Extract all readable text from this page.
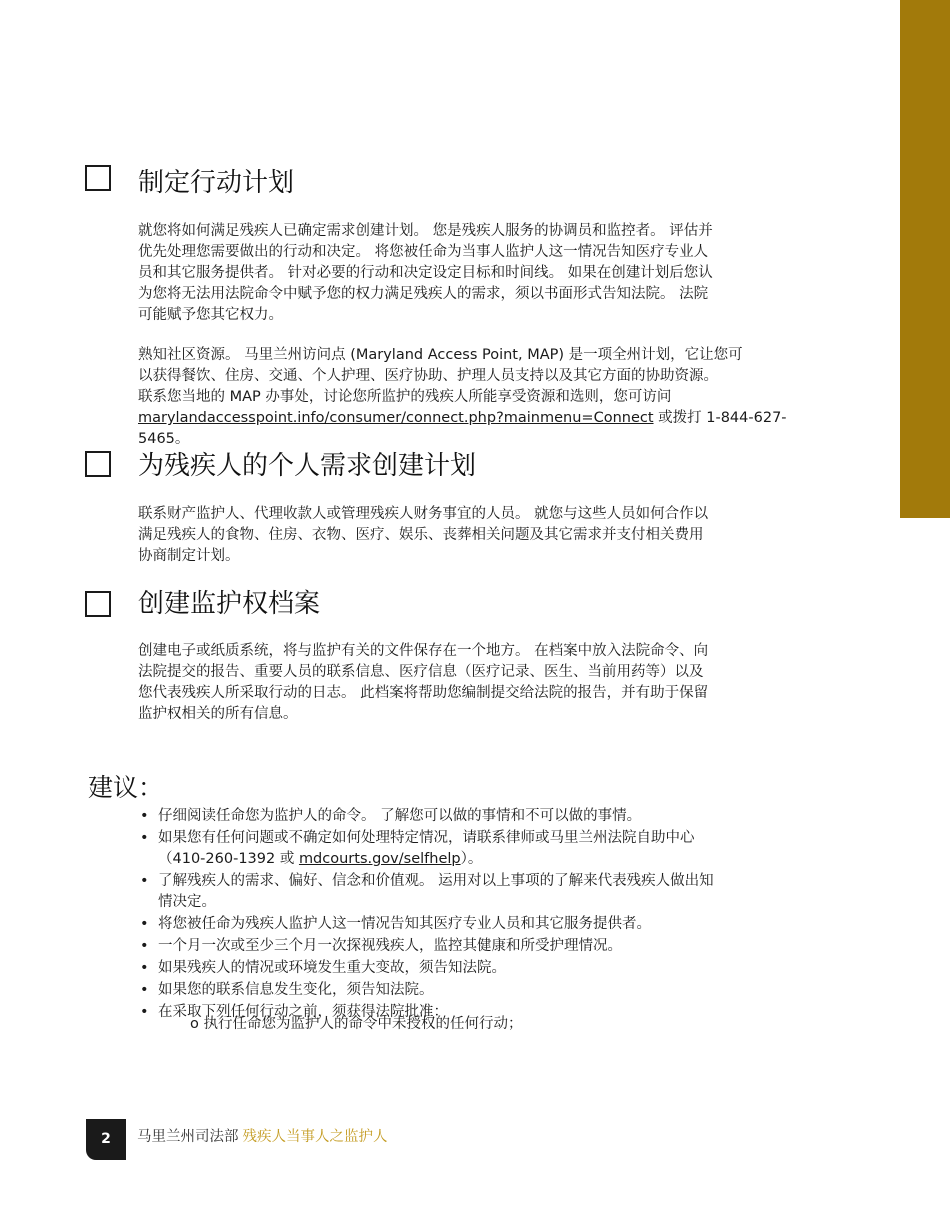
制定行动计划

就您将如何满足残疾人已确定需求创建计划。 您是残疾人服务的协调员和监控者。 评估并
优先处理您需要做出的行动和决定。 将您被任命为当事人监护人这一情况告知医疗专业人
员和其它服务提供者。 针对必要的行动和决定设定目标和时间线。 如果在创建计划后您认
为您将无法用法院命令中赋予您的权力满足残疾人的需求，须以书面形式告知法院。 法院
可能赋予您其它权力。

熟知社区资源。 马里兰州访问点 (Maryland Access Point, MAP) 是一项全州计划，它让您可
以获得餐饮、住房、交通、个人护理、医疗协助、护理人员支持以及其它方面的协助资源。
联系您当地的 MAP 办事处，讨论您所监护的残疾人所能享受资源和选则，您可访问
marylandaccesspoint.info/consumer/connect.php?mainmenu=Connect 或拨打 1-844-627-5465。

为残疾人的个人需求创建计划

联系财产监护人、代理收款人或管理残疾人财务事宜的人员。 就您与这些人员如何合作以
满足残疾人的食物、住房、衣物、医疗、娱乐、丧葬相关问题及其它需求并支付相关费用
协商制定计划。

创建监护权档案

创建电子或纸质系统，将与监护有关的文件保存在一个地方。 在档案中放入法院命令、向
法院提交的报告、重要人员的联系信息、医疗信息（医疗记录、医生、当前用药等）以及
您代表残疾人所采取行动的日志。 此档案将帮助您编制提交给法院的报告，并有助于保留
监护权相关的所有信息。

建议：
• 仔细阅读任命您为监护人的命令。 了解您可以做的事情和不可以做的事情。
• 如果您有任何问题或不确定如何处理特定情况，请联系律师或马里兰州法院自助中心
（410-260-1392 或 mdcourts.gov/selfhelp）。
• 了解残疾人的需求、偏好、信念和价值观。 运用对以上事项的了解来代表残疾人做出知
情决定。
• 将您被任命为残疾人监护人这一情况告知其医疗专业人员和其它服务提供者。
• 一个月一次或至少三个月一次探视残疾人，监控其健康和所受护理情况。
• 如果残疾人的情况或环境发生重大变故，须告知法院。
• 如果您的联系信息发生变化，须告知法院。
• 在采取下列任何行动之前，须获得法院批准：
o 执行任命您为监护人的命令中未授权的任何行动；
2	马里兰州司法部 残疾人当事人之监护人
